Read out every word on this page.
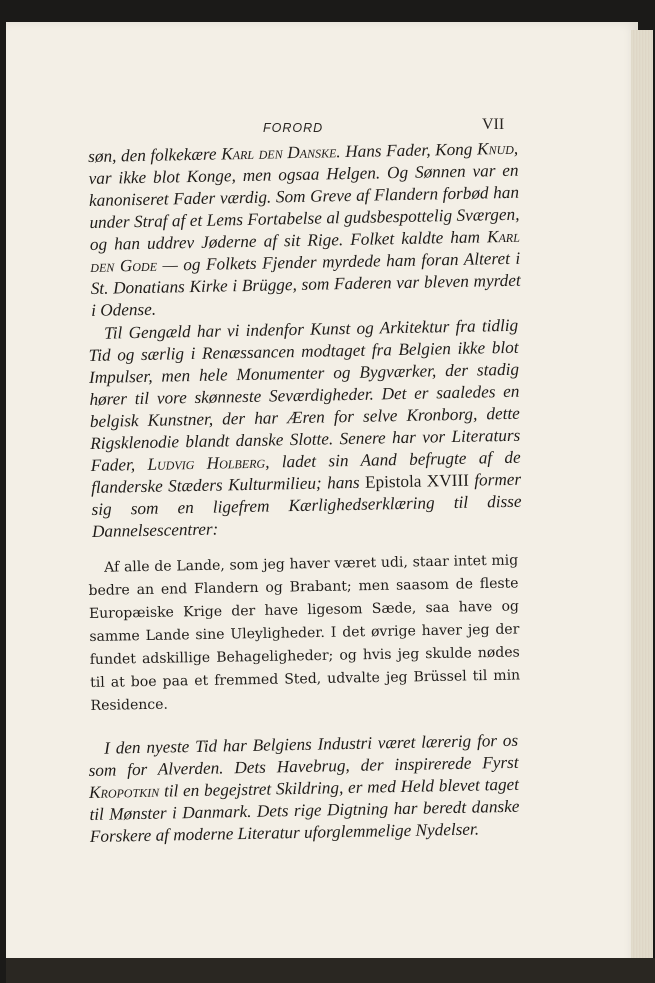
FORORD	VII

søn, den folkekære Karl den Danske. Hans Fader, Kong Knud, var ikke blot Konge, men ogsaa Helgen. Og Sønnen var en kanoniseret Fader værdig. Som Greve af Flandern forbød han under Straf af et Lems Fortabelse al gudsbespottelig Sværgen, og han uddrev Jøderne af sit Rige. Folket kaldte ham Karl den Gode — og Folkets Fjender myrdede ham foran Alteret i St. Donatians Kirke i Brügge, som Faderen var bleven myrdet i Odense.

Til Gengæld har vi indenfor Kunst og Arkitektur fra tidlig Tid og særlig i Renæssancen modtaget fra Belgien ikke blot Impulser, men hele Monumenter og Bygværker, der stadig hører til vore skønneste Seværdigheder. Det er saaledes en belgisk Kunstner, der har Æren for selve Kronborg, dette Rigsklenodie blandt danske Slotte. Senere har vor Literaturs Fader, Ludvig Holberg, ladet sin Aand befrugte af de flanderske Stæders Kulturmilieu; hans Epistola XVIII former sig som en ligefrem Kærlighedserklæring til disse Dannelsescentrer:

Af alle de Lande, som jeg haver været udi, staar intet mig bedre an end Flandern og Brabant; men saasom de fleste Europæiske Krige der have ligesom Sæde, saa have og samme Lande sine Uleyligheder. I det øvrige haver jeg der fundet adskillige Behageligheder; og hvis jeg skulde nødes til at boe paa et fremmed Sted, udvalte jeg Brüssel til min Residence.

I den nyeste Tid har Belgiens Industri været lærerig for os som for Alverden. Dets Havebrug, der inspirerede Fyrst Kropotkin til en begejstret Skildring, er med Held blevet taget til Mønster i Danmark. Dets rige Digtning har beredt danske Forskere af moderne Literatur uforglemmelige Nydelser.
